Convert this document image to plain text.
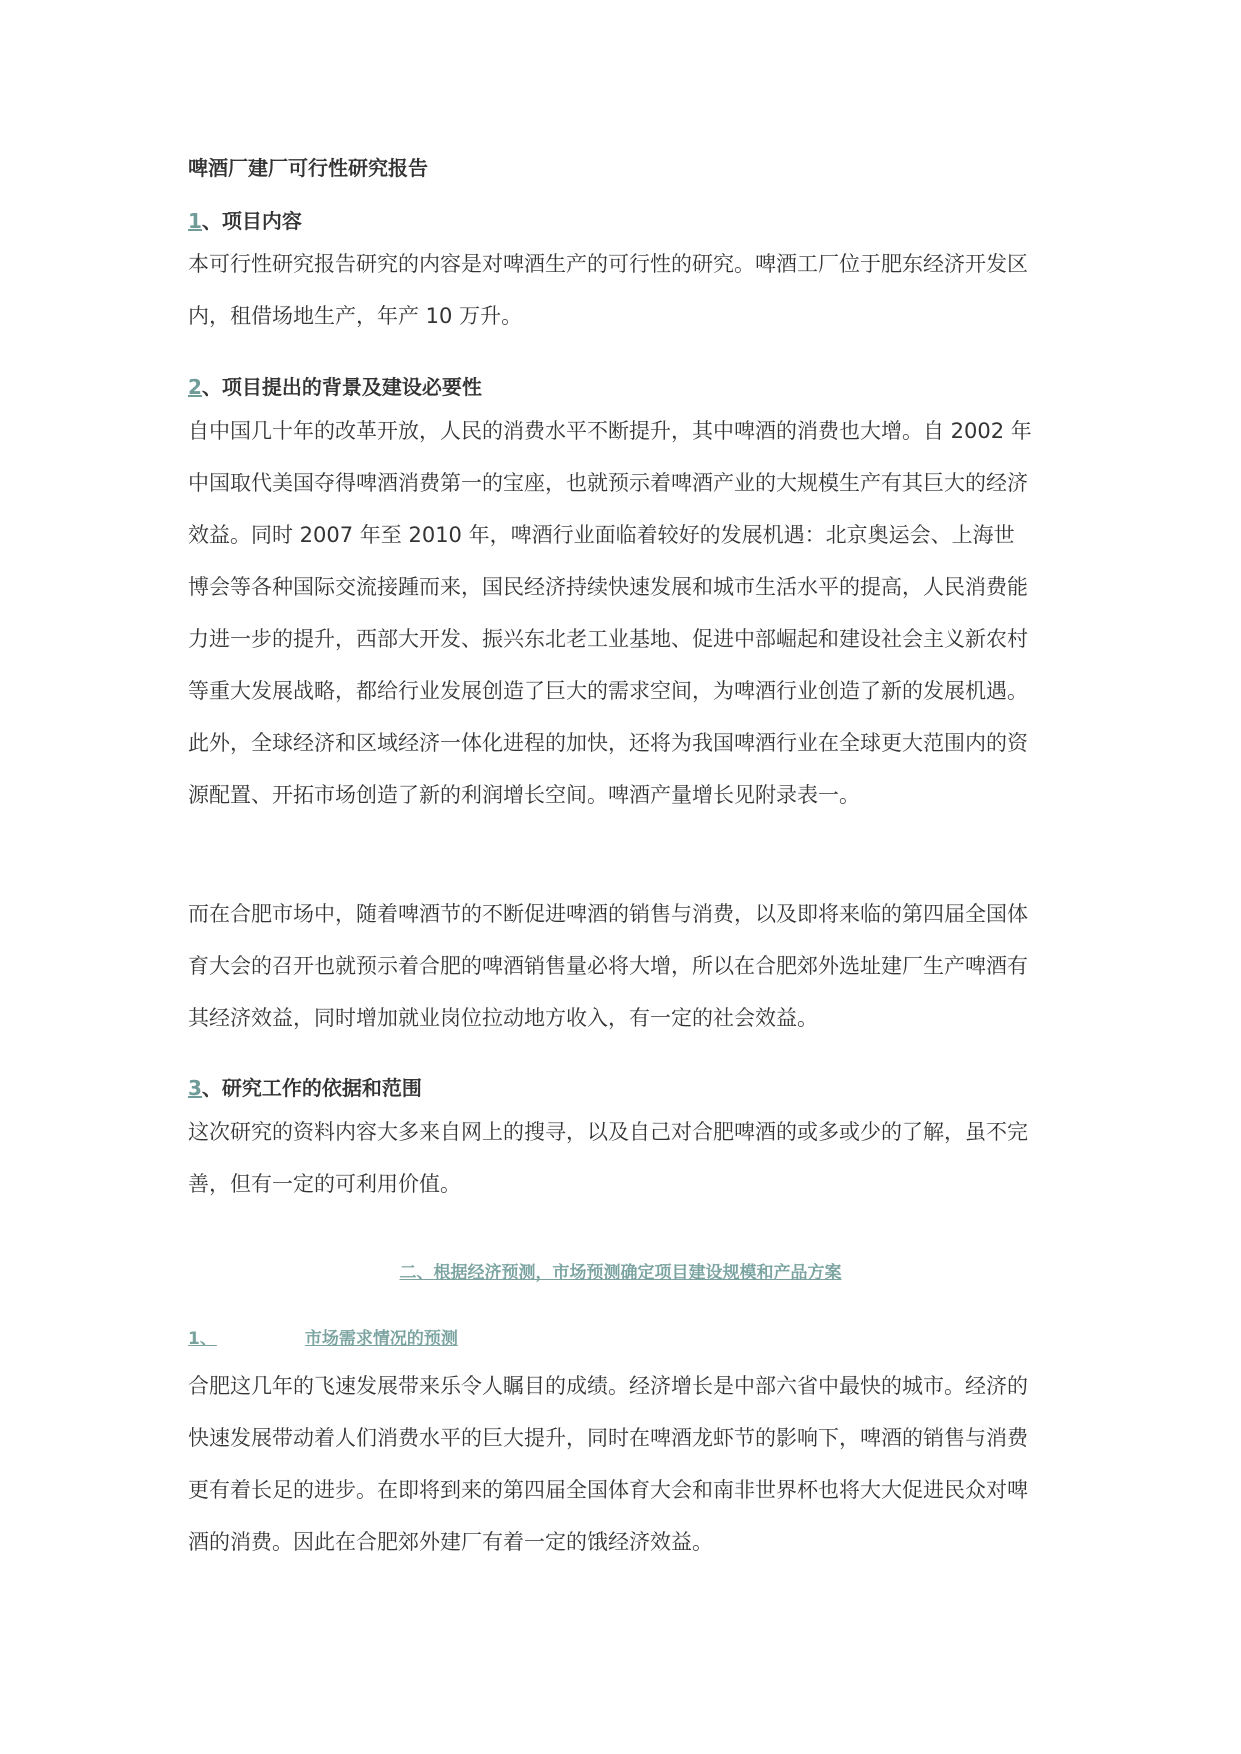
啤酒厂建厂可行性研究报告
1、项目内容

本可行性研究报告研究的内容是对啤酒生产的可行性的研究。啤酒工厂位于肥东经济开发区
内，租借场地生产，年产 10 万升。

2、项目提出的背景及建设必要性

自中国几十年的改革开放，人民的消费水平不断提升，其中啤酒的消费也大增。自 2002 年
中国取代美国夺得啤酒消费第一的宝座，也就预示着啤酒产业的大规模生产有其巨大的经济
效益。同时 2007 年至 2010 年，啤酒行业面临着较好的发展机遇：北京奥运会、上海世
博会等各种国际交流接踵而来，国民经济持续快速发展和城市生活水平的提高，人民消费能
力进一步的提升，西部大开发、振兴东北老工业基地、促进中部崛起和建设社会主义新农村
等重大发展战略，都给行业发展创造了巨大的需求空间，为啤酒行业创造了新的发展机遇。
此外，全球经济和区域经济一体化进程的加快，还将为我国啤酒行业在全球更大范围内的资
源配置、开拓市场创造了新的利润增长空间。啤酒产量增长见附录表一。

而在合肥市场中，随着啤酒节的不断促进啤酒的销售与消费，以及即将来临的第四届全国体
育大会的召开也就预示着合肥的啤酒销售量必将大增，所以在合肥郊外选址建厂生产啤酒有
其经济效益，同时增加就业岗位拉动地方收入，有一定的社会效益。

3、研究工作的依据和范围

这次研究的资料内容大多来自网上的搜寻，以及自己对合肥啤酒的或多或少的了解，虽不完
善，但有一定的可利用价值。

二、根据经济预测，市场预测确定项目建设规模和产品方案
1、	市场需求情况的预测

合肥这几年的飞速发展带来乐令人瞩目的成绩。经济增长是中部六省中最快的城市。经济的
快速发展带动着人们消费水平的巨大提升，同时在啤酒龙虾节的影响下，啤酒的销售与消费
更有着长足的进步。在即将到来的第四届全国体育大会和南非世界杯也将大大促进民众对啤
酒的消费。因此在合肥郊外建厂有着一定的饿经济效益。
